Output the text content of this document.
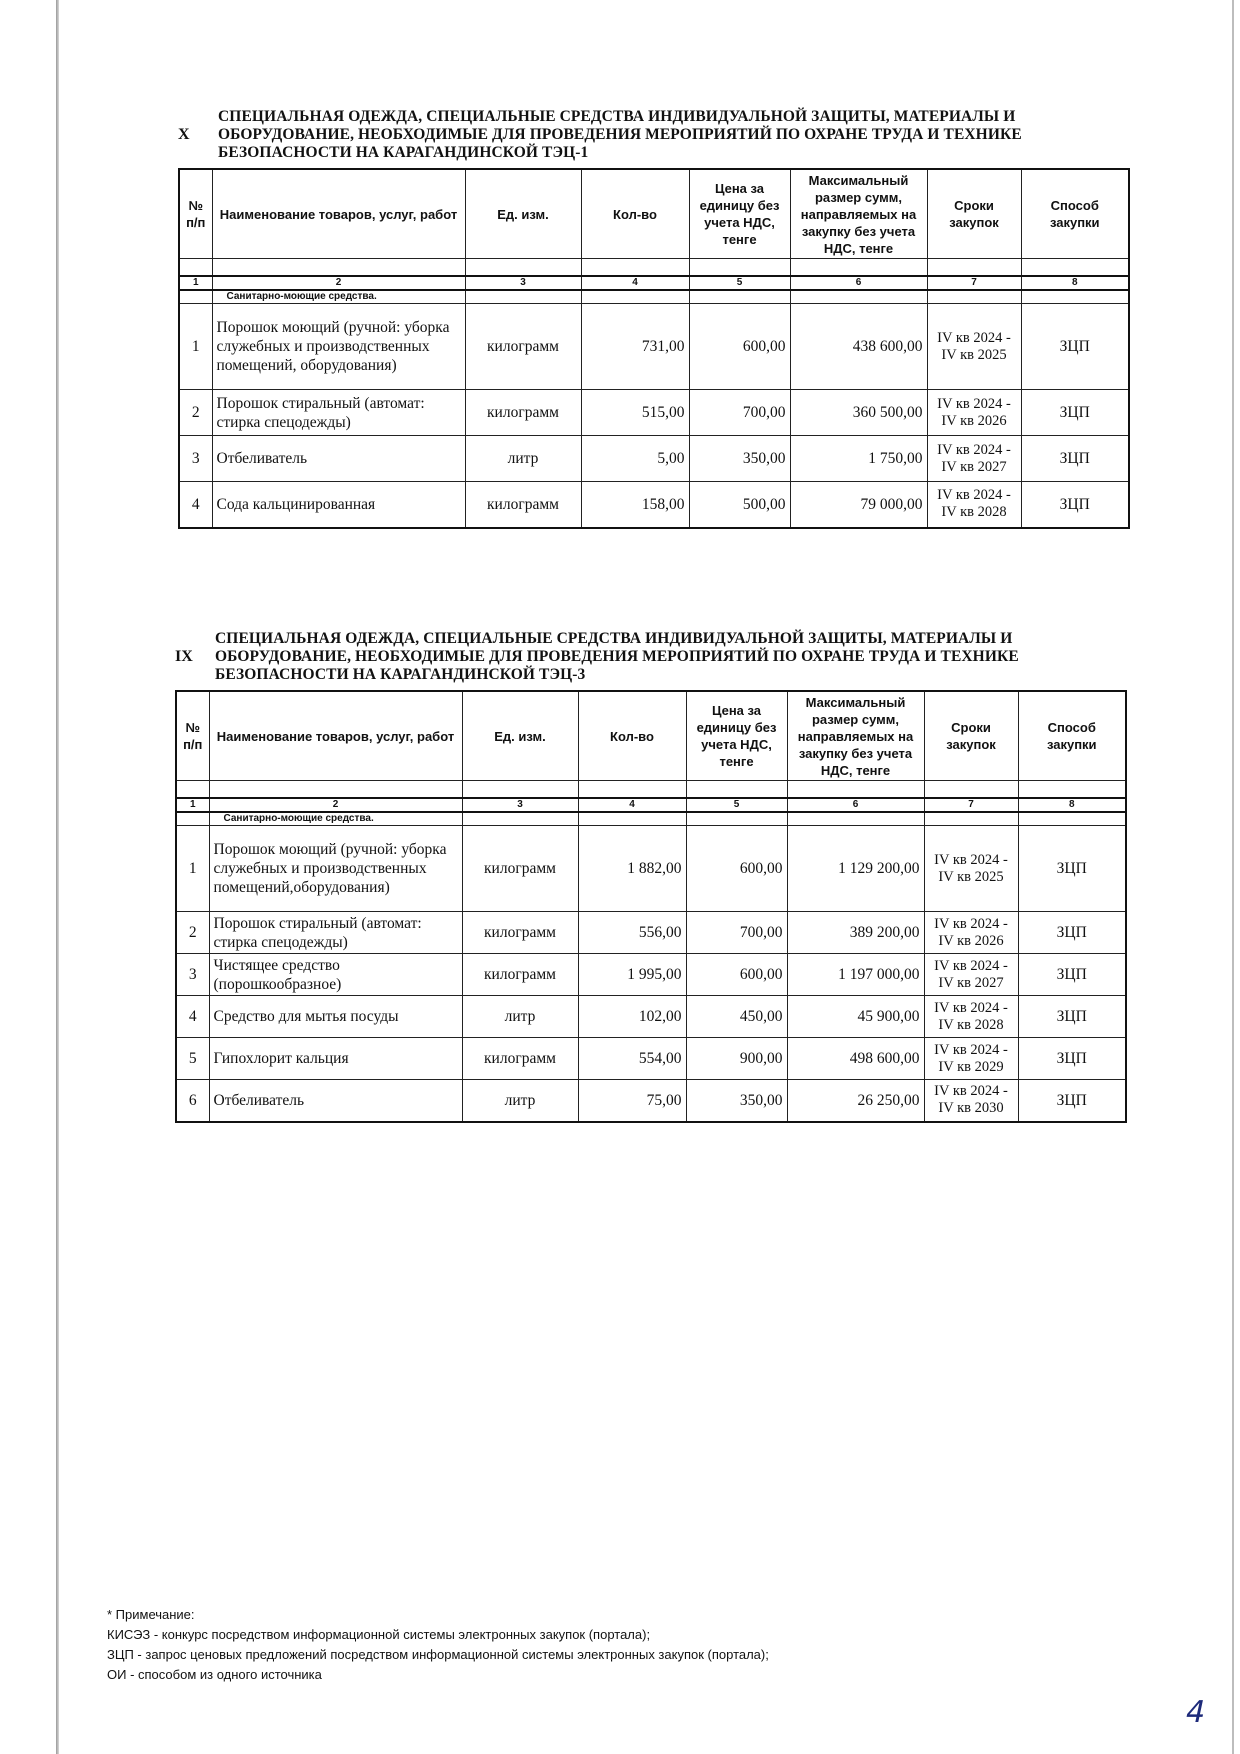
X
СПЕЦИАЛЬНАЯ ОДЕЖДА, СПЕЦИАЛЬНЫЕ СРЕДСТВА ИНДИВИДУАЛЬНОЙ ЗАЩИТЫ, МАТЕРИАЛЫ И ОБОРУДОВАНИЕ, НЕОБХОДИМЫЕ ДЛЯ ПРОВЕДЕНИЯ МЕРОПРИЯТИЙ ПО ОХРАНЕ ТРУДА И ТЕХНИКЕ БЕЗОПАСНОСТИ НА КАРАГАНДИНСКОЙ ТЭЦ-1
№ п/п	Наименование товаров, услуг, работ	Ед. изм.	Кол-во	Цена за единицу без учета НДС, тенге	Максимальный размер сумм, направляемых на закупку без учета НДС, тенге	Сроки закупок	Способ закупки

1	2	3	4	5	6	7	8
	Санитарно-моющие средства.						
1	Порошок моющий (ручной: уборка служебных и производственных помещений, оборудования)	килограмм	731,00	600,00	438 600,00	IV кв 2024 - IV кв 2025	ЗЦП
2	Порошок стиральный (автомат: стирка спецодежды)	килограмм	515,00	700,00	360 500,00	IV кв 2024 - IV кв 2026	ЗЦП
3	Отбеливатель	литр	5,00	350,00	1 750,00	IV кв 2024 - IV кв 2027	ЗЦП
4	Сода кальцинированная	килограмм	158,00	500,00	79 000,00	IV кв 2024 - IV кв 2028	ЗЦП
IX
СПЕЦИАЛЬНАЯ ОДЕЖДА, СПЕЦИАЛЬНЫЕ СРЕДСТВА ИНДИВИДУАЛЬНОЙ ЗАЩИТЫ, МАТЕРИАЛЫ И ОБОРУДОВАНИЕ, НЕОБХОДИМЫЕ ДЛЯ ПРОВЕДЕНИЯ МЕРОПРИЯТИЙ ПО ОХРАНЕ ТРУДА И ТЕХНИКЕ БЕЗОПАСНОСТИ НА КАРАГАНДИНСКОЙ ТЭЦ-3
№ п/п	Наименование товаров, услуг, работ	Ед. изм.	Кол-во	Цена за единицу без учета НДС, тенге	Максимальный размер сумм, направляемых на закупку без учета НДС, тенге	Сроки закупок	Способ закупки

1	2	3	4	5	6	7	8
	Санитарно-моющие средства.						
1	Порошок моющий (ручной: уборка служебных и производственных помещений,оборудования)	килограмм	1 882,00	600,00	1 129 200,00	IV кв 2024 - IV кв 2025	ЗЦП
2	Порошок стиральный (автомат: стирка спецодежды)	килограмм	556,00	700,00	389 200,00	IV кв 2024 - IV кв 2026	ЗЦП
3	Чистящее средство (порошкообразное)	килограмм	1 995,00	600,00	1 197 000,00	IV кв 2024 - IV кв 2027	ЗЦП
4	Средство для мытья посуды	литр	102,00	450,00	45 900,00	IV кв 2024 - IV кв 2028	ЗЦП
5	Гипохлорит кальция	килограмм	554,00	900,00	498 600,00	IV кв 2024 - IV кв 2029	ЗЦП
6	Отбеливатель	литр	75,00	350,00	26 250,00	IV кв 2024 - IV кв 2030	ЗЦП
* Примечание:
КИСЭЗ - конкурс посредством информационной системы электронных закупок (портала);
ЗЦП - запрос ценовых предложений посредством информационной системы электронных закупок (портала);
ОИ - способом из одного источника
4
